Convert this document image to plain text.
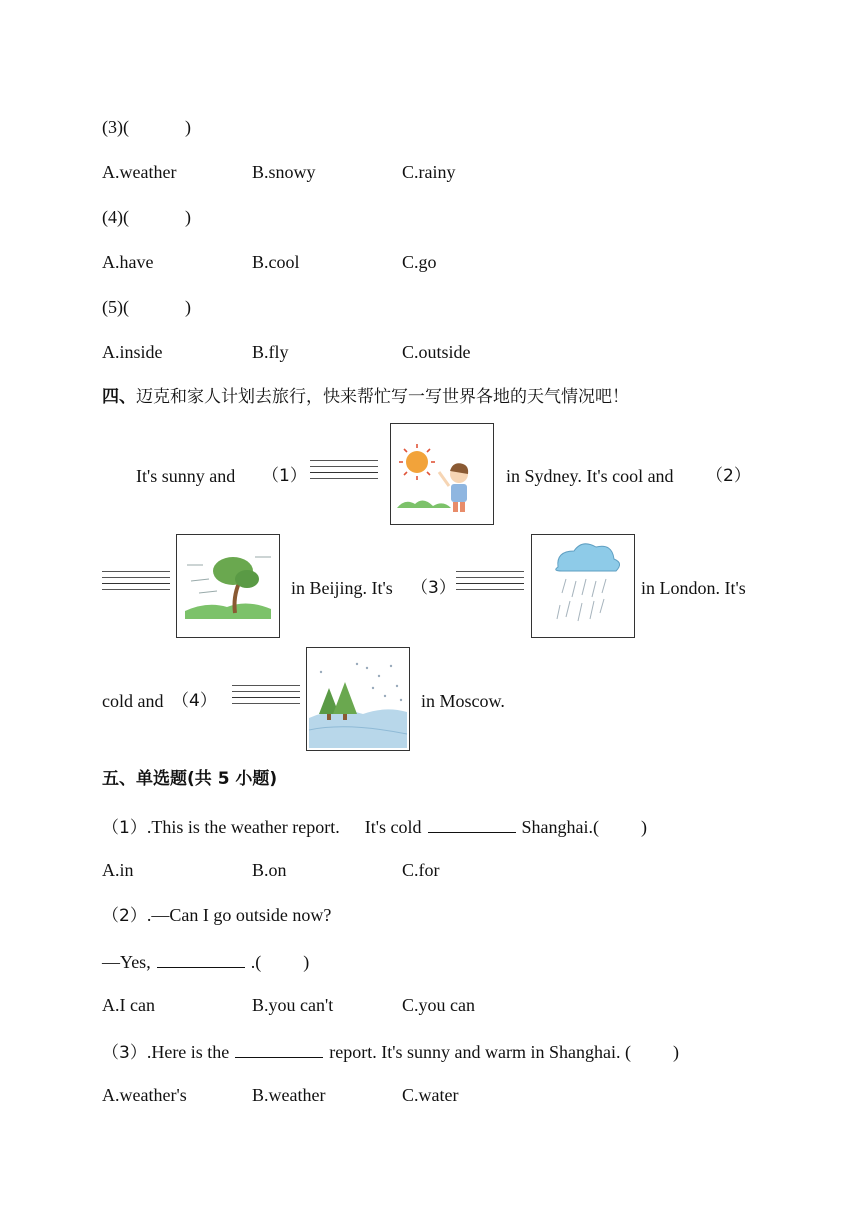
(3)(	)
A.weather	B.snowy	C.rainy
(4)(	)
A.have	B.cool	C.go
(5)(	)
A.inside	B.fly	C.outside
四、迈克和家人计划去旅行，快来帮忙写一写世界各地的天气情况吧！
It's sunny and （1）	in Sydney. It's cool and （2）
in Beijing. It's （3）	in London. It's
cold and （4）	in Moscow.
五、单选题(共 5 小题)
（1）.This is the weather report. It's cold	Shanghai.( )
A.in	B.on	C.for
（2）.—Can I go outside now?
—Yes,	.( )
A.I can	B.you can't	C.you can
（3）.Here is the	report. It's sunny and warm in Shanghai. ( )
A.weather's	B.weather	C.water
